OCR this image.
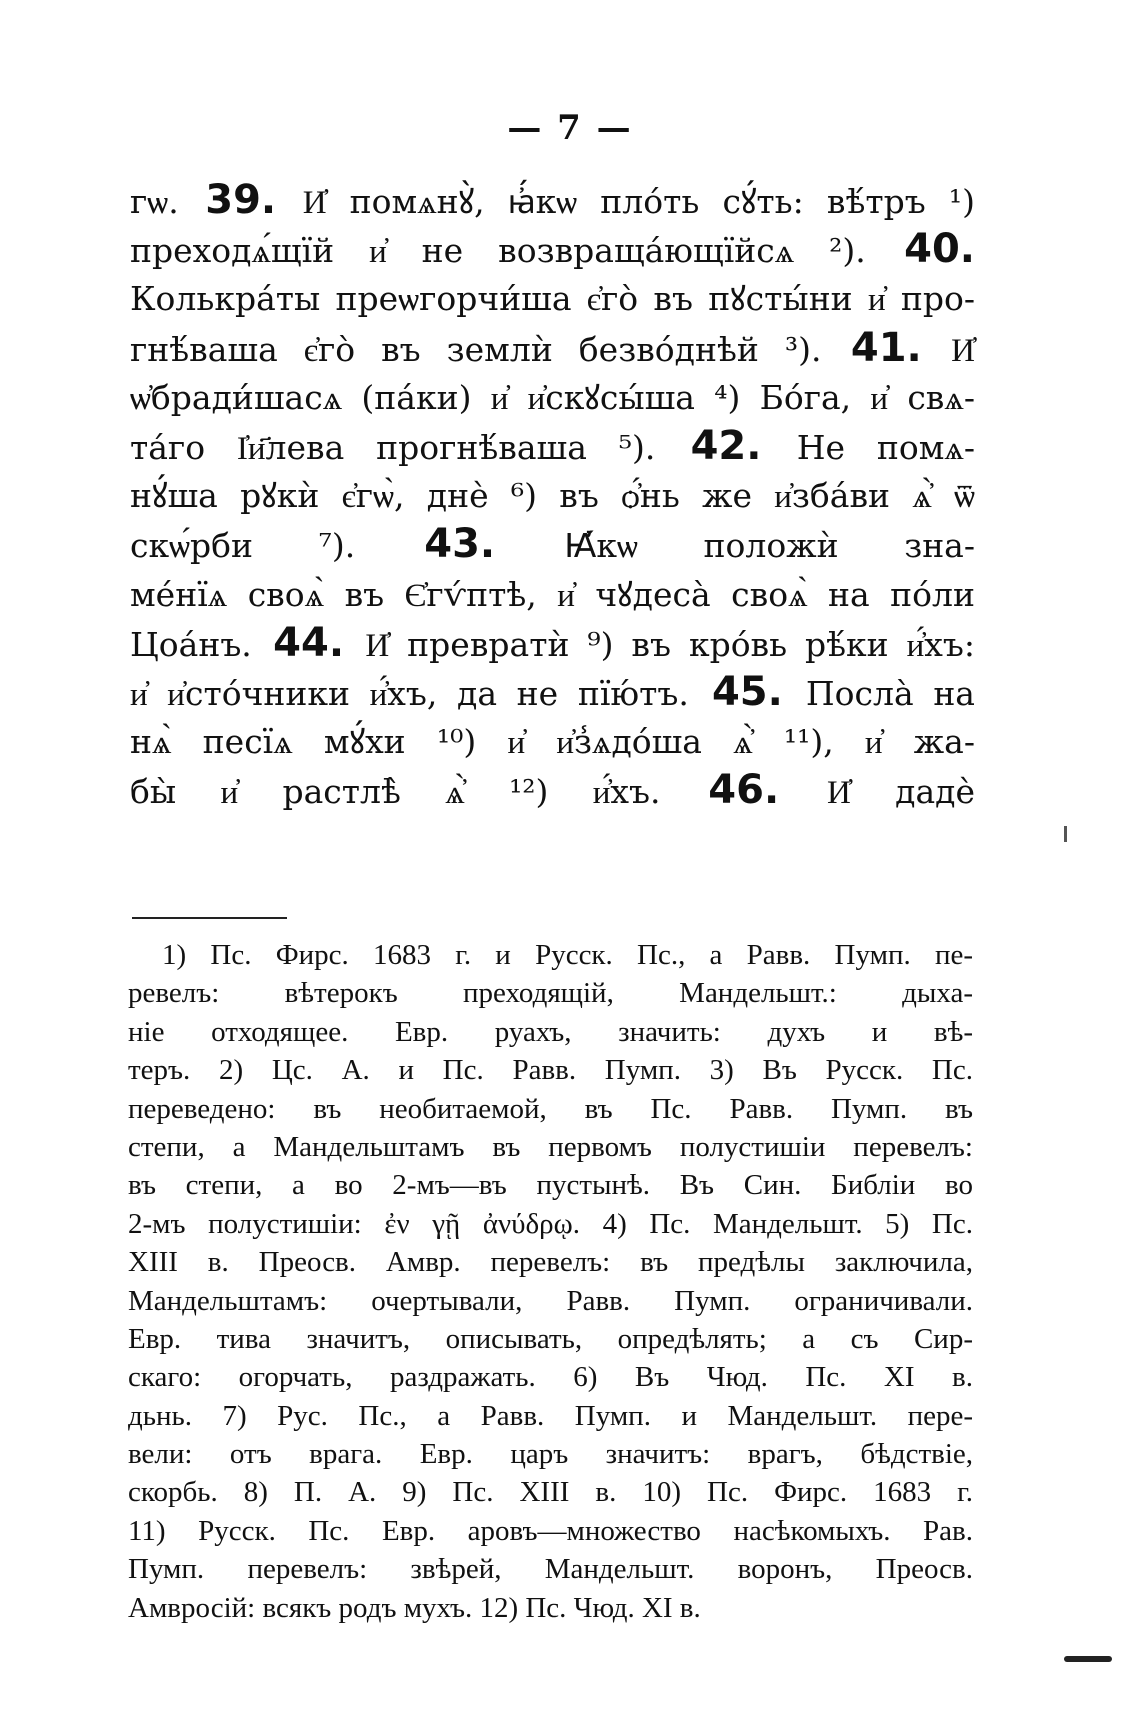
— 7 —
гѡ. 39. И҆ помѧнꙋ̀, ꙗ҆́кѡ пло́ть сꙋ́ть: вѣ́тръ ¹)
преходѧ́щїй и҆ не возвраща́ющїйсѧ ²). 40.
Колькра́ты преѡгорчи́ша є҆го̀ въ пꙋсты́ни и҆ про-
гнѣ́ваша є҆го̀ въ землѝ безво́днѣй ³). 41. И҆
ѡ҆бради́шасѧ (па́ки) и҆ и҆скꙋсы́ша ⁴) Бо́га, и҆ свѧ-
та́го І҆и҃лева прогнѣ́ваша ⁵). 42. Не помѧ-
нꙋ́ша рꙋкѝ є҆гѡ̀, днѐ ⁶) въ ѻ҆́нь же и҆зба́ви ѧ҆̀ ѿ
скѡ́рби ⁷). 43. Ꙗ҆́кѡ положѝ зна-
ме́нїѧ своѧ̀ въ Є҆гѵ́птѣ, и҆ чꙋдеса̀ своѧ̀ на по́ли
Цоа́нъ. 44. И҆ превратѝ ⁹) въ кро́вь рѣ́ки и҆́хъ:
и҆ и҆сто́чники и҆́хъ, да не пїю́тъ. 45. Посла̀ на
нѧ̀ песїѧ мꙋ́хи ¹⁰) и҆ и҆з̾ѧдо́ша ѧ҆̀ ¹¹), и҆ жа-
бы̀ и҆ растлѣ̀ ѧ҆̀ ¹²) и҆́хъ. 46. И҆ дадѐ
1) Пс. Фирс. 1683 г. и Русск. Пс., а Равв. Пумп. пе-
ревелъ: вѣтерокъ преходящій, Мандельшт.: дыха-
ніе отходящее. Евр. руахъ, значить: духъ и вѣ-
теръ. 2) Цс. А. и Пс. Равв. Пумп. 3) Въ Русск. Пс.
переведено: въ необитаемой, въ Пс. Равв. Пумп. въ
степи, а Мандельштамъ въ первомъ полустишіи перевелъ:
въ степи, а во 2-мъ—въ пустынѣ. Въ Син. Библіи во
2-мъ полустишіи: ἐν γῇ ἀνύδρῳ. 4) Пс. Мандельшт. 5) Пс.
XIII в. Преосв. Амвр. перевелъ: въ предѣлы заключила,
Мандельштамъ: очертывали, Равв. Пумп. ограничивали.
Евр. тива значитъ, описывать, опредѣлять; а съ Сир-
скаго: огорчать, раздражать. 6) Въ Чюд. Пс. XI в.
дьнь. 7) Рус. Пс., а Равв. Пумп. и Мандельшт. пере-
вели: отъ врага. Евр. царъ значитъ: врагъ, бѣдствіе,
скорбь. 8) П. А. 9) Пс. XIII в. 10) Пс. Фирс. 1683 г.
11) Русск. Пс. Евр. аровъ—множество насѣкомыхъ. Рав.
Пумп. перевелъ: звѣрей, Мандельшт. воронъ, Преосв.
Амвросій: всякъ родъ мухъ. 12) Пс. Чюд. XI в.
